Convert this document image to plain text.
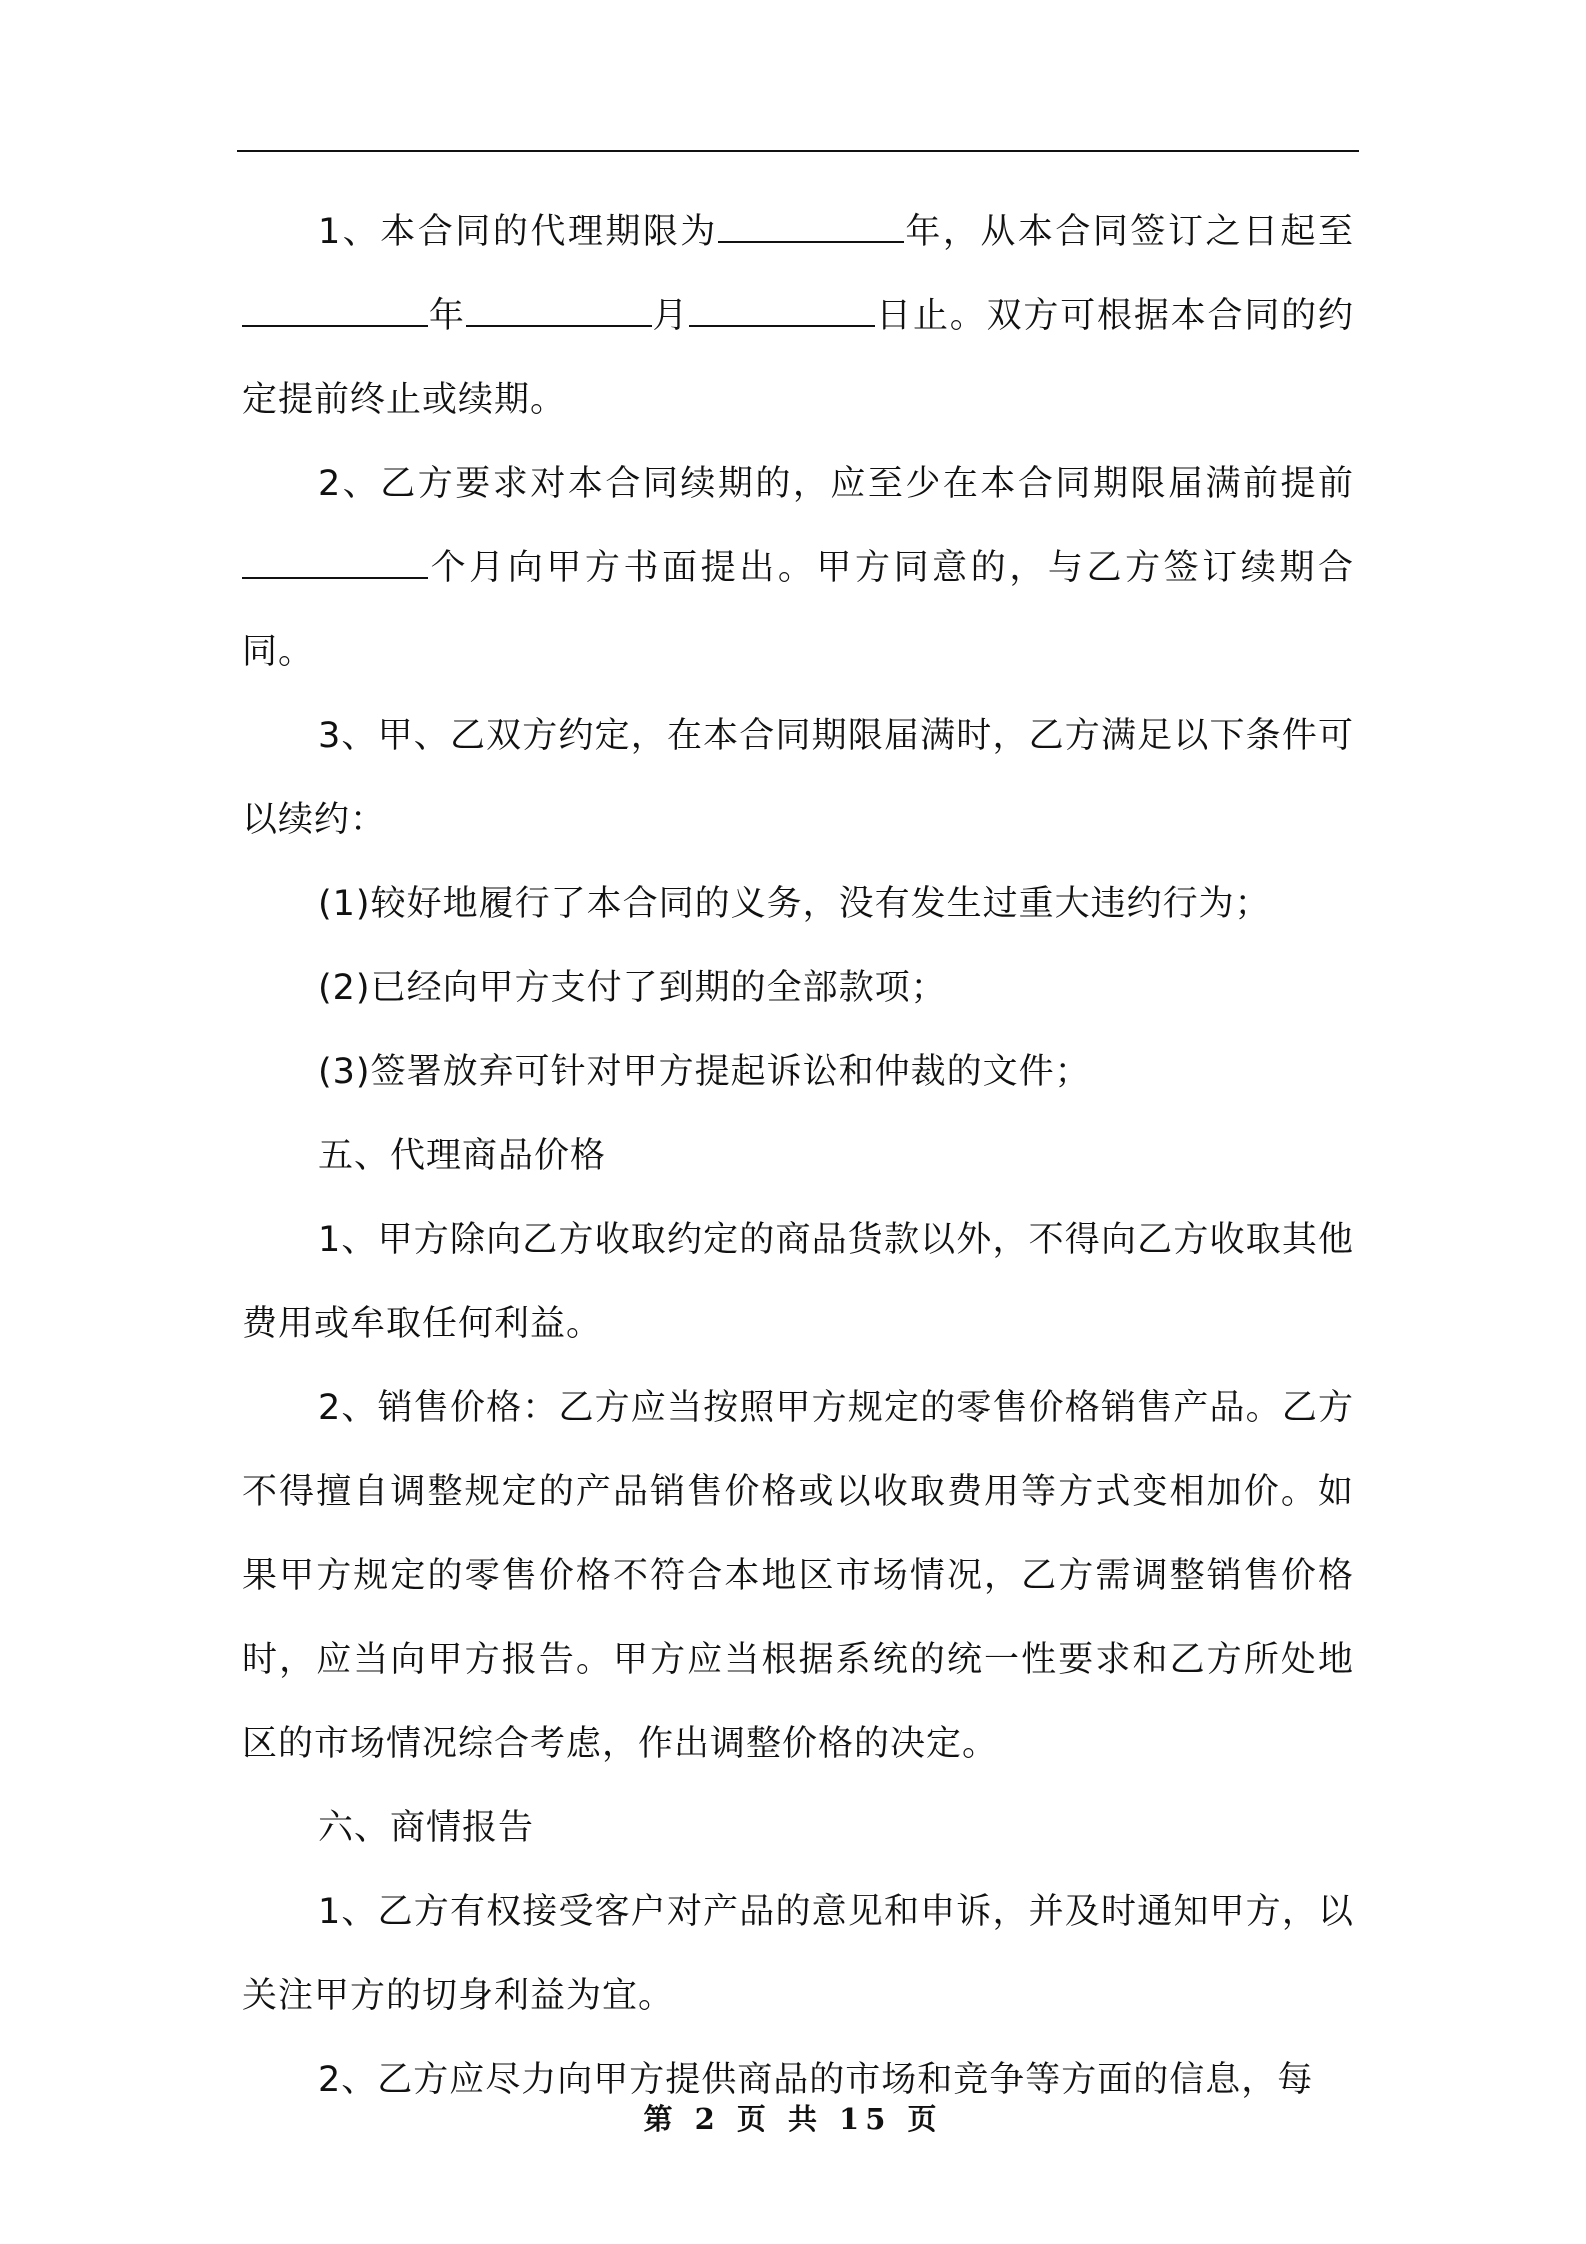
1、本合同的代理期限为	年，从本合同签订之日起至年	月	日止。双方可根据本合同的约定提前终止或续期。

2、乙方要求对本合同续期的，应至少在本合同期限届满前提前个月向甲方书面提出。甲方同意的，与乙方签订续期合同。

3、甲、乙双方约定，在本合同期限届满时，乙方满足以下条件可以续约：

(1)较好地履行了本合同的义务，没有发生过重大违约行为；

(2)已经向甲方支付了到期的全部款项；

(3)签署放弃可针对甲方提起诉讼和仲裁的文件；

五、代理商品价格

1、甲方除向乙方收取约定的商品货款以外，不得向乙方收取其他费用或牟取任何利益。

2、销售价格：乙方应当按照甲方规定的零售价格销售产品。乙方不得擅自调整规定的产品销售价格或以收取费用等方式变相加价。如果甲方规定的零售价格不符合本地区市场情况，乙方需调整销售价格时，应当向甲方报告。甲方应当根据系统的统一性要求和乙方所处地区的市场情况综合考虑，作出调整价格的决定。

六、商情报告

1、乙方有权接受客户对产品的意见和申诉，并及时通知甲方，以关注甲方的切身利益为宜。

2、乙方应尽力向甲方提供商品的市场和竞争等方面的信息，每

第 2 页 共 15 页
